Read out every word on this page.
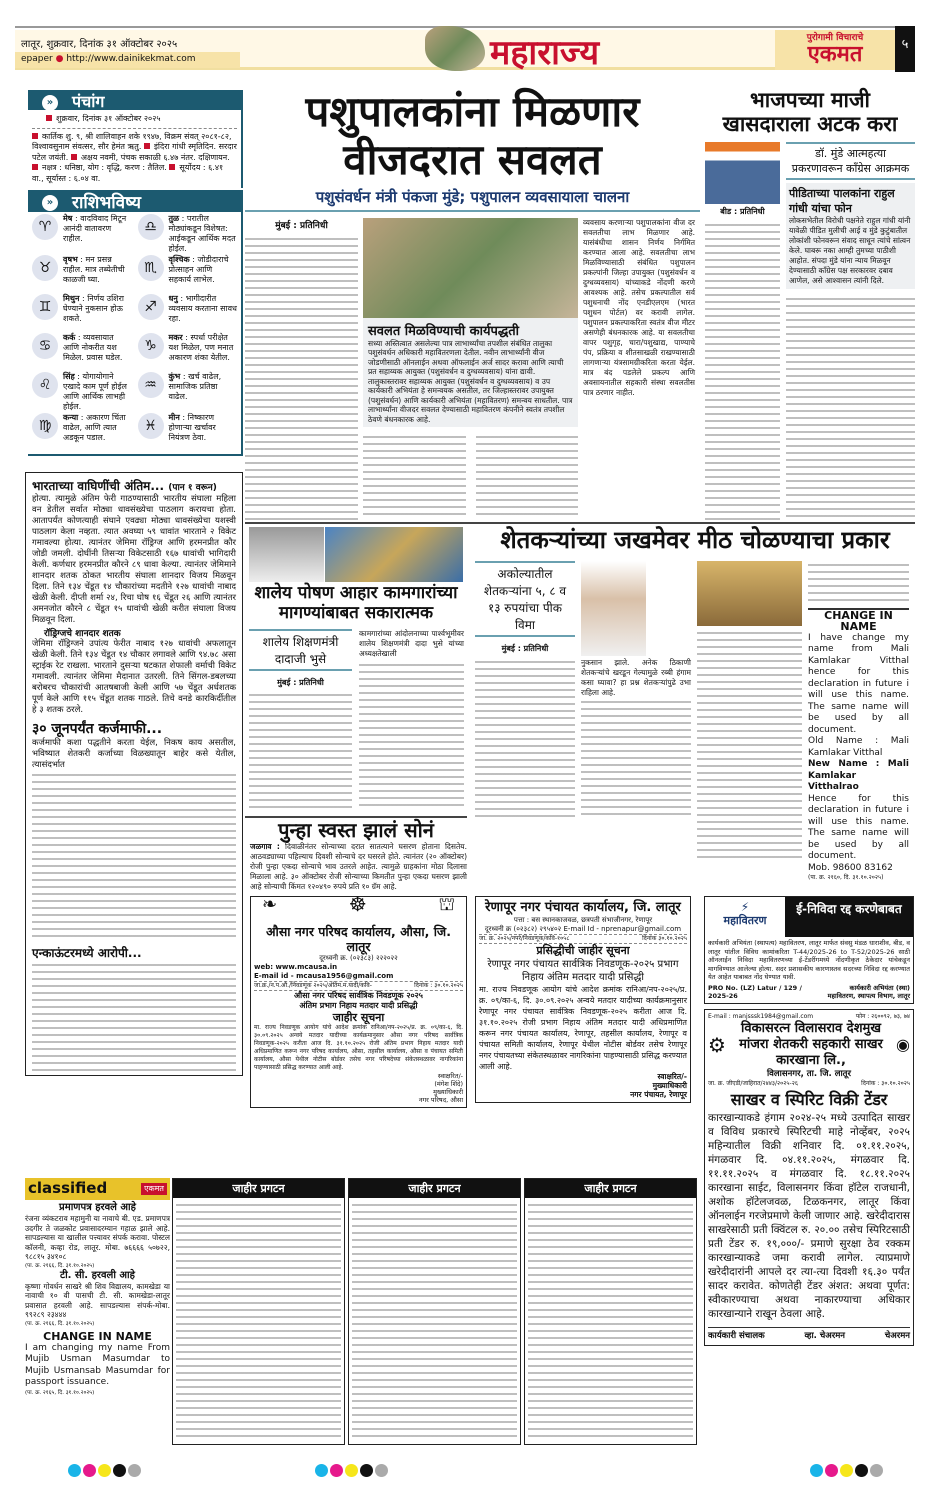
लातूर, शुक्रवार, दिनांक ३१ ऑक्टोबर २०२५
epaper ● http://www.dainikekmat.com	महाराज्य	पुरोगामी विचाराचे
एकमत	५
» पंचांग
शुक्रवार, दिनांक ३१ ऑक्टोबर २०२५
कार्तिक शु. ९, श्री शालिवाहन शके १९४७, विक्रम संवत् २०८१-८२, विश्वावसुनाम संवत्सर, सौर हेमंत ऋतु. इंदिरा गांधी स्मृतिदिन. सरदार पटेल जयंती. अक्षय नवमी, पंचक सकाळी ६.४७ नंतर. दक्षिणायन. नक्षत्र : धनिष्ठा, योग : वृद्धि, करण : तैतिल. सूर्योदय : ६.४१ वा., सूर्यास्त : ६.०४ वा.
» राशिभविष्य
♈
मेष : वादविवाद मिटून आनंदी वातावरण राहील.
♎
तुळ : परातील मोठ्यांकडून विशेषत: आईकडून आर्थिक मदत होईल.
♉
वृषभ : मन प्रसन्न राहील. मात्र तब्येतीची काळजी घ्या.
♏
वृश्चिक : जोडीदाराचे प्रोत्साहन आणि सहकार्य लाभेल.
♊
मिथुन : निर्णय उशिरा घेण्याने नुकसान होऊ शकते.
♐
धनु : भागीदारीत व्यवसाय करताना सावध रहा.
♋
कर्क : व्यवसायात आणि नोकरीत यश मिळेल. प्रवास घडेल.
♑
मकर : स्पर्धा परीक्षेत यश मिळेल, पण मनात अकारण शंका येतील.
♌
सिंह : योगायोगाने एखादे काम पूर्ण होईल आणि आर्थिक लाभही होईल.
♒
कुंभ : खर्च वाढेल, सामाजिक प्रतिष्ठा वाढेल.
♍
कन्या : अकारण चिंता वाढेल, आणि त्यात अडकून पडाल.
♓
मीन : निष्कारण होणाऱ्या खर्चावर नियंत्रण ठेवा.
भारताच्या वाघिणींची अंतिम... (पान १ वरून)
होत्या. त्यामुळे अंतिम फेरी गाठण्यासाठी भारतीय संघाला महिला वन डेतील सर्वात मोठ्या धावसंख्येचा पाठलाग करायचा होता. आतापर्यंत कोणत्याही संघाने एवढ्या मोठ्या धावसंख्येचा यशस्वी पाठलाग केला नव्हता. त्यात अवघ्या ५९ धावांत भारताने २ विकेट गमावल्या होत्या. त्यानंतर जेमिमा रॉड्रिग्ज आणि हरमनप्रीत कौर जोडी जमली. दोघींनी तिसऱ्या विकेटसाठी १६७ धावांची भागिदारी केली. कर्णधार हरमनप्रीत कौरने ८९ धावा केल्या. त्यानंतर जेमिमाने शानदार शतक ठोकत भारतीय संघाला शानदार विजय मिळवून दिला. तिने १३४ चेंडूत १४ चौकारांच्या मदतीने १२७ धावांची नाबाद खेळी केली. दीप्ती शर्मा २४, रिचा घोष १६ चेंडूत २६ आणि त्यानंतर अमनजोत कौरने ८ चेंडूत १५ धावांची खेळी करीत संघाला विजय मिळवून दिला.
रॉड्रिग्जचे शानदार शतक
जेमिमा रॉड्रिग्जने उपांत्य फेरीत नाबाद १२७ धावांची अफलातून खेळी केली. तिने १३४ चेंडूत १४ चौकार लगावले आणि ९४.७८ असा स्ट्राईक रेट राखला. भारताने दुसऱ्या षटकात शेफाली वर्माची विकेट गमावली. त्यानंतर जेमिमा मैदानात उतरली. तिने सिंगल-डबलच्या बरोबरच चौकारांची आतषबाजी केली आणि ५७ चेंडूत अर्धशतक पूर्ण केले आणि ११५ चेंडूत शतक गाठले. तिचे वनडे कारकिर्दीतील हे ३ शतक ठरले.
३० जूनपर्यंत कर्जमाफी...
कर्जमाफी कशा पद्धतीने करता येईल, निकष काय असतील, भविष्यात शेतकरी कर्जाच्या विळख्यातून बाहेर कसे येतील, त्यासंदर्भात
एन्काऊंटरमध्ये आरोपी...
पशुपालकांना मिळणार
वीजदरात सवलत
पशुसंवर्धन मंत्री पंकजा मुंडे; पशुपालन व्यवसायाला चालना
मुंबई : प्रतिनिधी
सवलत मिळविण्याची कार्यपद्धती
सध्या अस्तित्वात असलेल्या पात्र लाभार्थ्यांचा तपशील संबंधित तालुका पशुसंवर्धन अधिकारी महावितरणला देतील. नवीन लाभार्थ्यांनी वीज जोडणीसाठी ऑनलाईन अथवा ऑफलाईन अर्ज सादर करावा आणि त्याची प्रत सहाय्यक आयुक्त (पशुसंवर्धन व दुग्धव्यवसाय) यांना द्यावी. तालुकास्तरावर सहाय्यक आयुक्त (पशुसंवर्धन व दुग्धव्यवसाय) व उप कार्यकारी अभियंता हे समन्वयक असतील, तर जिल्हास्तरावर उपायुक्त (पशुसंवर्धन) आणि कार्यकारी अभियंता (महावितरण) समन्वय साधतील. पात्र लाभार्थ्यांना वीजदर सवलत देण्यासाठी महावितरण कंपनीने स्वतंत्र तपशील ठेवणे बंधनकारक आहे.
व्यवसाय करणाऱ्या पशुपालकांना वीज दर सवलतीचा लाभ मिळणार आहे. यासंबंधीचा शासन निर्णय निर्गमित करण्यात आला आहे. सवलतीचा लाभ मिळविण्यासाठी संबंधित पशुपालन प्रकल्पांनी जिल्हा उपायुक्त (पशुसंवर्धन व दुग्धव्यवसाय) यांच्याकडे नोंदणी करणे आवश्यक आहे. तसेच प्रकल्पातील सर्व पशुधनाची नोंद एनडीएलएम (भारत पशुधन पोर्टल) वर करावी लागेल. पशुपालन प्रकल्पाकरिता स्वतंत्र वीज मीटर असणेही बंधनकारक आहे. या सवलतीचा वापर पशुगृह, चारा/पशुखाद्य, पाण्याचे पंप, प्रक्रिया व शीतसाखळी राखण्यासाठी लागणाऱ्या यंत्रसामग्रीकरिता करता येईल. मात्र बंद पडलेले प्रकल्प आणि अवसायनातील सहकारी संस्था सवलतीस पात्र ठरणार नाहीत.
भाजपच्या माजी खासदाराला अटक करा
बीड : प्रतिनिधी
डॉ. मुंडे आत्महत्या प्रकरणावरून काँग्रेस आक्रमक
पीडिताच्या पालकांना राहुल गांधी यांचा फोन
लोकसभेतील विरोधी पक्षनेते राहुल गांधी यांनी यावेळी पीडित मुलीची आई व मुंडे कुटुंबातील लोकांशी फोनवरून संवाद साधून त्यांचे सांत्वन केले. घाबरू नका आम्ही तुमच्या पाठीशी आहोत. संपदा मुंडे यांना न्याय मिळवून देण्यासाठी काँग्रेस पक्ष सरकारवर दबाव आणेल, असे आश्वासन त्यांनी दिले.
शालेय पोषण आहार कामगारांच्या मागण्यांबाबत सकारात्मक
शालेय शिक्षणमंत्री दादाजी भुसे
मुंबई : प्रतिनिधी
कामगारांच्या आंदोलनाच्या पार्श्वभूमीवर शालेय शिक्षणमंत्री दादा भुसे यांच्या अध्यक्षतेखाली
पुन्हा स्वस्त झालं सोनं
जळगाव : दिवाळीनंतर सोन्याच्या दरात सातत्याने घसरण होताना दिसतेय. आठवड्याच्या पहिल्याच दिवशी सोन्याचे दर घसरले होते. त्यानंतर (२० ऑक्टोबर) रोजी पुन्हा एकदा सोन्याचे भाव उतरले आहेत. त्यामुळे ग्राहकांना मोठा दिलासा मिळाला आहे. ३० ऑक्टोबर रोजी सोन्याच्या किमतीत पुन्हा एकदा घसरण झाली आहे सोन्याची किंमत १२०४९० रुपये प्रति १० ग्रॅम आहे.
❧	☸	⛫
औसा नगर परिषद कार्यालय, औसा, जि. लातूर
दूरध्वनी क्र. (०२३८३) २२२०२२
web: www.mcausa.in
E-mail id - mcausa1956@gmail.com
जा.क्र./न.प.औ./निवडणूक २०२५/अंतिम.म.यादी/कवि-	दिनांक : ३०.१०.२०२५
औसा नगर परिषद सार्वत्रिक निवडणूक २०२५
अंतिम प्रभाग निहाय मतदार यादी प्रसिद्धी
जाहीर सूचना
मा. राज्य निवडणूक आयोग यांचे आदेश क्रमांक रानिआ/नप-२०२५/प्र. क्र. ०९/का-६, दि. ३०.०९.२०२५ अन्वये मतदार यादीच्या कार्यक्रमानुसार औसा नगर परिषद सार्वत्रिक निवडणूक-२०२५ करीता आज दि. ३१.१०.२०२५ रोजी अंतिम प्रभाग निहाय मतदार यादी अधिप्रमाणित करून नगर परिषद कार्यालय, औसा, तहसील कार्यालय, औसा व पंचायत समिती कार्यालय, औसा येथील नोटीस बोर्डवर तसेच नगर परिषदेच्या संकेतस्थळावर नागरिकांना पाहण्यासाठी प्रसिद्ध करण्यात आली आहे.
स्वाक्षरित/-
(मंगेश शिंदे)
मुख्याधिकारी
नगर परिषद, औसा
शेतकऱ्यांच्या जखमेवर मीठ चोळण्याचा प्रकार
अकोल्यातील शेतकऱ्यांना ५, ८ व १३ रुपयांचा पीक विमा
मुंबई : प्रतिनिधी
नुकसान झाले. अनेक ठिकाणी शेतकऱ्यांचे खरडून गेल्यामुळे रब्बी हंगाम कसा घ्यावा? हा प्रश्न शेतकऱ्यांपुढे उभा राहिला आहे.
CHANGE IN NAME
I have change my name from Mali Kamlakar Vitthal hence for this declaration in future i will use this name. The same name will be used by all document.
Old Name : Mali Kamlakar Vitthal
New Name : Mali Kamlakar Vitthalrao
Hence for this declaration in future i will use this name. The same name will be used by all document.
Mob. 98600 83162
(पा. क्र. २१६०, दि. ३१.१०.२०२५)
रेणापूर नगर पंचायत कार्यालय, जि. लातूर
पत्ता : बस स्थानकाजवळ, छत्रपती संभाजीनगर, रेणापूर
दूरध्वनी क्र (०२३८२) २९५४०२ E-mail Id - nprenapur@gmail.com
जा. क्र. २०२५/नपरे/निवडणूक/कवि-१०५८	दिनांक ३०.१०.२०२५
प्रसिद्धीची जाहीर सूचना
रेणापूर नगर पंचायत सार्वत्रिक निवडणूक-२०२५ प्रभाग निहाय अंतिम मतदार यादी प्रसिद्धी
मा. राज्य निवडणूक आयोग यांचे आदेश क्रमांक रानिआ/नप-२०२५/प्र. क्र. ०९/का-६, दि. ३०.०९.२०२५ अन्वये मतदार यादीच्या कार्यक्रमानुसार रेणापूर नगर पंचायत सार्वत्रिक निवडणूक-२०२५ करीता आज दि. ३१.१०.२०२५ रोजी प्रभाग निहाय अंतिम मतदार यादी अधिप्रमाणित करून नगर पंचायत कार्यालय, रेणापूर, तहसील कार्यालय, रेणापूर व पंचायत समिती कार्यालय, रेणापूर येथील नोटीस बोर्डवर तसेच रेणापूर नगर पंचायतच्या संकेतस्थळावर नागरिकांना पाहण्यासाठी प्रसिद्ध करण्यात आली आहे.
स्वाक्षरित/-
मुख्याधिकारी
नगर पंचायत, रेणापूर
⚡
महावितरण
ई-निविदा रद्द करणेबाबत
कार्यकारी अभियंता (स्थापत्य) महावितरण, लातूर मार्फत संवसु मंडळ धाराशीव, बीड, व लातूर यांतील विविध कामांकरिता T-44/2025-26 to T-52/2025-26 साठी ऑनलाईन निविदा महावितरणच्या ई-टेंडरींगमध्ये नोंदणीकृत ठेकेदार यांचेकडून मागविण्यात आलेल्या होत्या. सदर प्रशासकीय कारणास्तव सदरच्या निविदा रद्द करण्यात येत आहेत याबाबत नोंद घेण्यात यावी.
PRO No. (LZ) Latur / 129 / 2025-26
कार्यकारी अभियंता (स्था) महावितरण, स्थापत्य विभाग, लातूर
E-mail : manjsssk1984@gmail.com	फोन : २६००९२, ७३, ७४
⚙
विकासरत्न विलासराव देशमुख मांजरा शेतकरी सहकारी साखर कारखाना लि.,
◉
विलासनगर, ता. जि. लातूर
जा. क्र. जीएडी/जाहिरात/२४४३/२०२५-२६	दिनांक : ३०.१०.२०२५
साखर व स्पिरिट विक्री टेंडर
कारखान्याकडे हंगाम २०२४-२५ मध्ये उत्पादित साखर व विविध प्रकारचे स्पिरिटची माहे नोव्हेंबर, २०२५ महिन्यातील विक्री शनिवार दि. ०१.११.२०२५, मंगळवार दि. ०४.११.२०२५, मंगळवार दि. ११.११.२०२५ व मंगळवार दि. १८.११.२०२५ कारखाना साईट, विलासनगर किंवा हॉटेल राजधानी, अशोक हॉटेलजवळ, टिळकनगर, लातूर किंवा ऑनलाईन गरजेप्रमाणे केली जाणार आहे. खरेदीदारास साखरेसाठी प्रती क्विंटल रु. २०.०० तसेच स्पिरिटसाठी प्रती टेंडर रु. १९,०००/- प्रमाणे सुरक्षा ठेव रक्कम कारखान्याकडे जमा करावी लागेल. त्याप्रमाणे खरेदीदारांनी आपले दर त्या-त्या दिवशी १६.३० पर्यंत सादर करावेत. कोणतेही टेंडर अंशत: अथवा पूर्णत: स्वीकारण्याचा अथवा नाकारण्याचा अधिकार कारखान्याने राखून ठेवला आहे.
कार्यकारी संचालक	व्हा. चेअरमन	चेअरमन
classified	एकमत
प्रमाणपत्र हरवले आहे
रंजना व्यंकटराव महामुनी या नावाचे बी. एड. प्रमाणपत्र उदगीर ते जळकोट प्रवासादरम्यान गहाळ झाले आहे. सापडल्यास या खालील पत्त्यावर संपर्क करावा. पोस्टल कॉलनी, कव्हा रोड, लातूर. मोबा. ७६६६६ ५०७२२, ९८८१५ ३४१०८
(पा. क्र. २१६६, दि. ३१.१०.२०२५)
टी. सी. हरवली आहे
कृष्णा गोवर्धन साखरे श्री शिव विद्यालय, कामखेडा या नावाची १० वी पासची टी. सी. कामखेडा-लातूर प्रवासात हरवली आहे. सापडल्यास संपर्क-मोबा. ९९२८९ २३४४४
(पा. क्र. २१६६, दि. ३१.१०.२०२५)
CHANGE IN NAME
I am changing my name From Mujib Usman Masumdar to Mujib Usmansab Masumdar for passport issuance.
(पा. क्र. २१६५, दि. ३१.१०.२०२५)
जाहीर प्रगटन	जाहीर प्रगटन	जाहीर प्रगटन
